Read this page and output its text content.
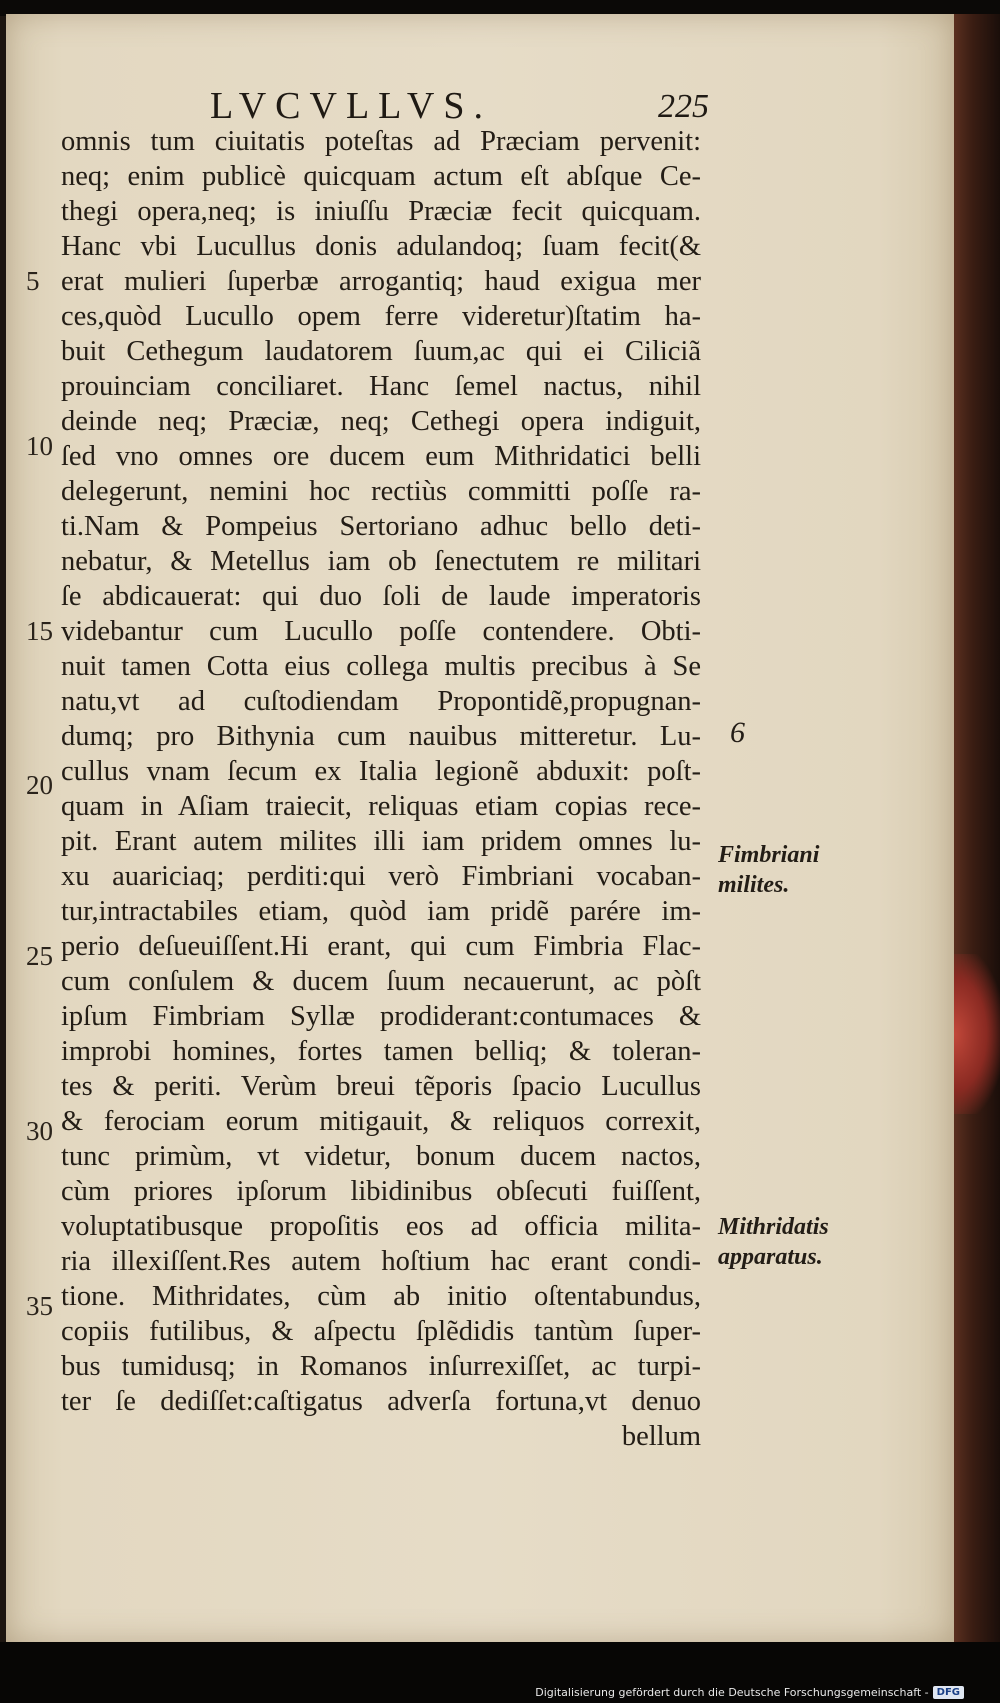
LVCVLLVS.	225
omnis tum ciuitatis poteſtas ad Præciam pervenit:
neq; enim publicè quicquam actum eſt abſque Ce-
thegi opera,neq; is iniuſſu Præciæ fecit quicquam.
Hanc vbi Lucullus donis adulandoq; ſuam fecit(&
erat mulieri ſuperbæ arrogantiq; haud exigua mer
ces,quòd Lucullo opem ferre videretur)ſtatim ha-
buit Cethegum laudatorem ſuum,ac qui ei Ciliciã
prouinciam conciliaret. Hanc ſemel nactus, nihil
deinde neq; Præciæ, neq; Cethegi opera indiguit,
ſed vno omnes ore ducem eum Mithridatici belli
delegerunt, nemini hoc rectiùs committi poſſe ra-
ti.Nam & Pompeius Sertoriano adhuc bello deti-
nebatur, & Metellus iam ob ſenectutem re militari
ſe abdicauerat: qui duo ſoli de laude imperatoris
videbantur cum Lucullo poſſe contendere. Obti-
nuit tamen Cotta eius collega multis precibus à Se
natu,vt ad cuſtodiendam Propontidẽ,propugnan-
dumq; pro Bithynia cum nauibus mitteretur. Lu-
cullus vnam ſecum ex Italia legionẽ abduxit: poſt-
quam in Aſiam traiecit, reliquas etiam copias rece-
pit. Erant autem milites illi iam pridem omnes lu-
xu auariciaq; perditi:qui verò Fimbriani vocaban-
tur,intractabiles etiam, quòd iam pridẽ parére im-
perio deſueuiſſent.Hi erant, qui cum Fimbria Flac-
cum conſulem & ducem ſuum necauerunt, ac pòſt
ipſum Fimbriam Syllæ prodiderant:contumaces &
improbi homines, fortes tamen belliq; & toleran-
tes & periti. Verùm breui tẽporis ſpacio Lucullus
& ferociam eorum mitigauit, & reliquos correxit,
tunc primùm, vt videtur, bonum ducem nactos,
cùm priores ipſorum libidinibus obſecuti fuiſſent,
voluptatibusque propoſitis eos ad officia milita-
ria illexiſſent.Res autem hoſtium hac erant condi-
tione. Mithridates, cùm ab initio oſtentabundus,
copiis futilibus, & aſpectu ſplẽdidis tantùm ſuper-
bus tumidusq; in Romanos inſurrexiſſet, ac turpi-
ter ſe dediſſet:caſtigatus adverſa fortuna,vt denuo
bellum
5
10
15
20
25
30
35
6
Fimbriani milites.
Mithridatis apparatus.
Digitalisierung gefördert durch die Deutsche Forschungsgemeinschaft - DFG
